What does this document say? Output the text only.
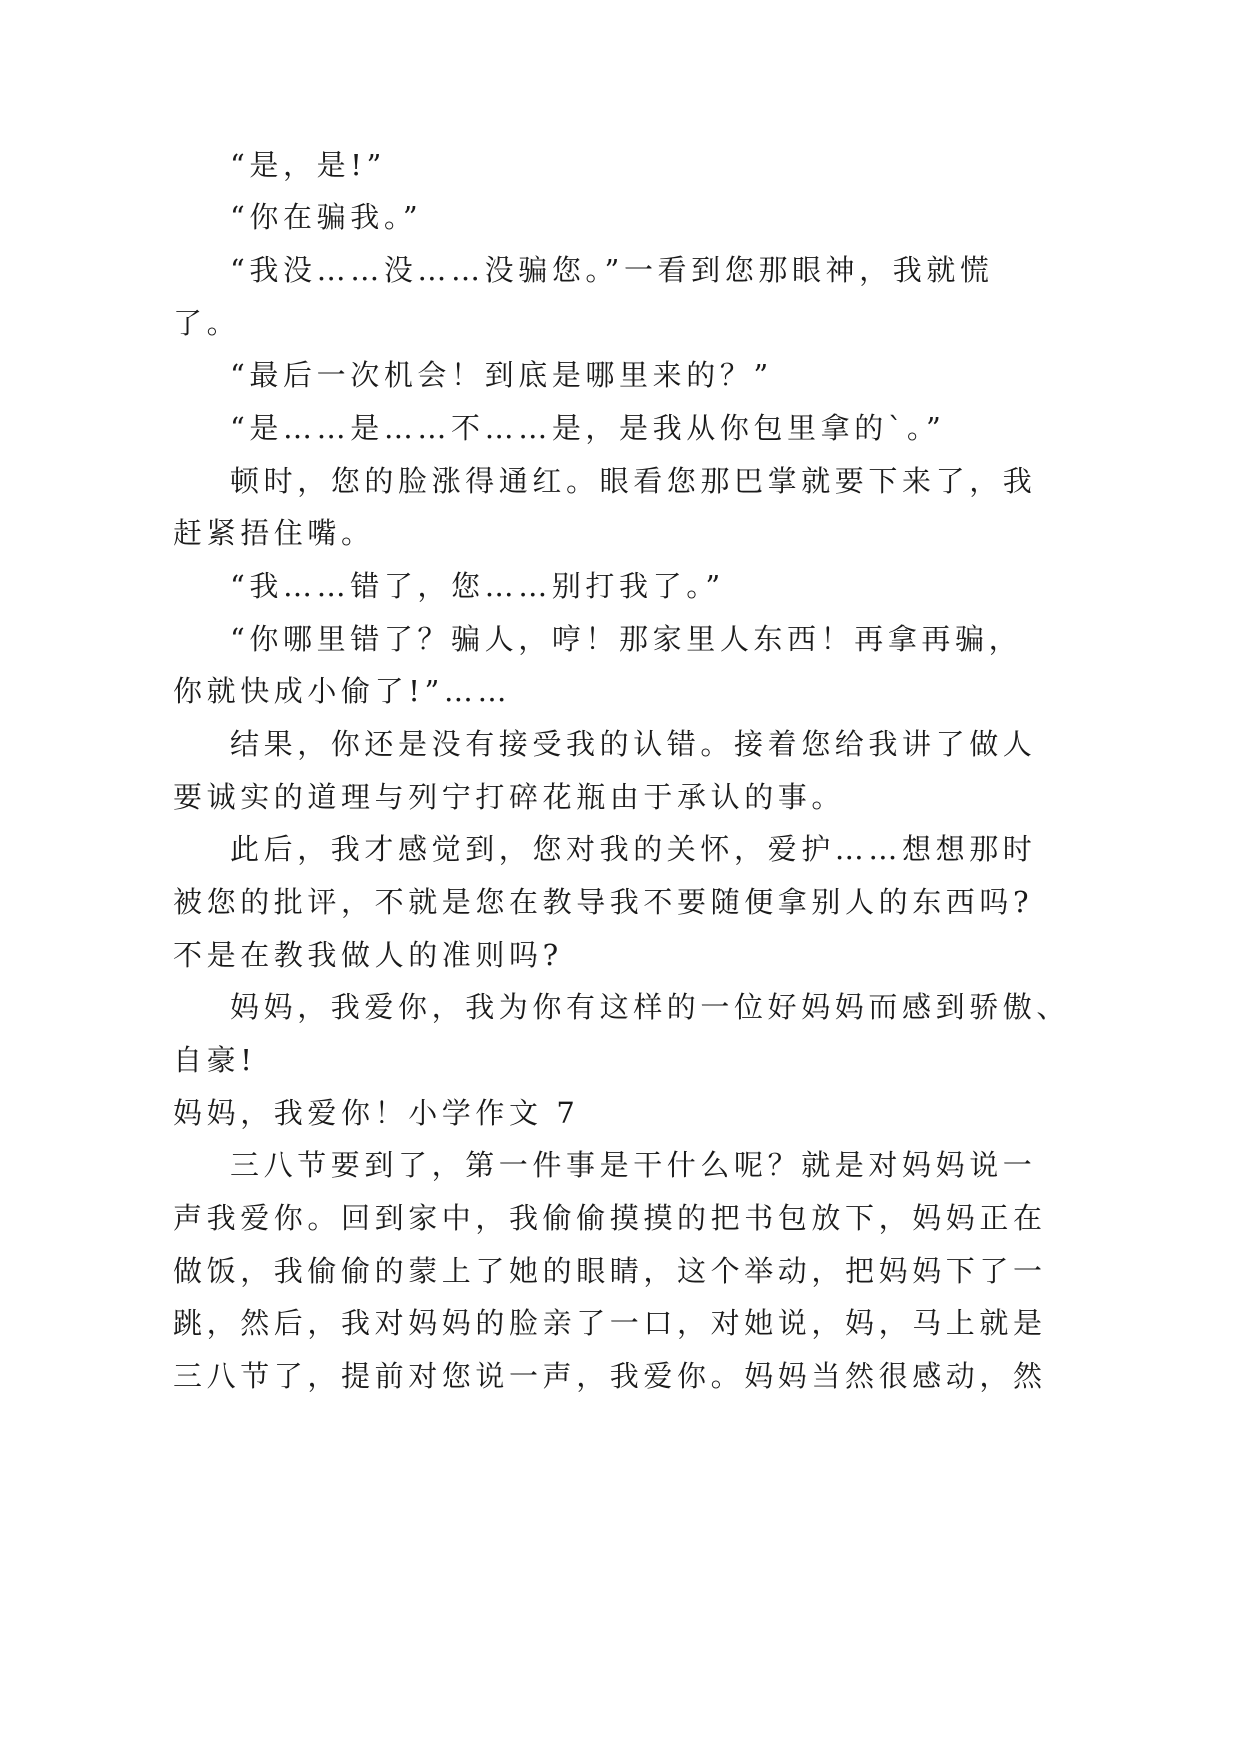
“是，是!”
“你在骗我。”
“我没……没……没骗您。”一看到您那眼神，我就慌
了。
“最后一次机会！到底是哪里来的？”
“是……是……不……是，是我从你包里拿的`。”
顿时，您的脸涨得通红。眼看您那巴掌就要下来了，我
赶紧捂住嘴。
“我……错了，您……别打我了。”
“你哪里错了？骗人，哼！那家里人东西！再拿再骗，
你就快成小偷了!”……
结果，你还是没有接受我的认错。接着您给我讲了做人
要诚实的道理与列宁打碎花瓶由于承认的事。
此后，我才感觉到，您对我的关怀，爱护……想想那时
被您的批评，不就是您在教导我不要随便拿别人的东西吗?
不是在教我做人的准则吗?
妈妈，我爱你，我为你有这样的一位好妈妈而感到骄傲、
自豪!
妈妈，我爱你！小学作文 7
三八节要到了，第一件事是干什么呢？就是对妈妈说一
声我爱你。回到家中，我偷偷摸摸的把书包放下，妈妈正在
做饭，我偷偷的蒙上了她的眼睛，这个举动，把妈妈下了一
跳，然后，我对妈妈的脸亲了一口，对她说，妈，马上就是
三八节了，提前对您说一声，我爱你。妈妈当然很感动，然
